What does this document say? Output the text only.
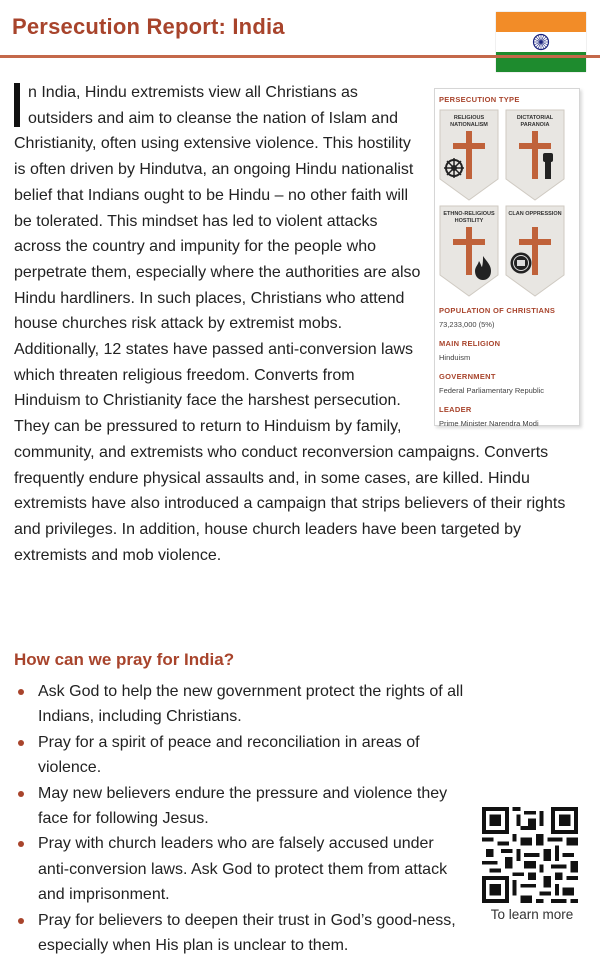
Persecution Report: India
PERSECUTION TYPE
RELIGIOUS NATIONALISM
DICTATORIAL PARANOIA
ETHNO-RELIGIOUS HOSTILITY
CLAN OPPRESSION
POPULATION OF CHRISTIANS
73,233,000 (5%)
MAIN RELIGION
Hinduism
GOVERNMENT
Federal Parliamentary Republic
LEADER
Prime Minister Narendra Modi
n India, Hindu extremists view all Christians as outsiders and aim to cleanse the nation of Islam and Christianity, often using extensive violence. This hostility is often driven by Hindutva, an ongoing Hindu nationalist belief that Indians ought to be Hindu – no other faith will be tolerated. This mindset has led to violent attacks across the country and impunity for the people who perpetrate them, especially where the authorities are also Hindu hardliners. In such places, Christians who attend house churches risk attack by extremist mobs. Additionally, 12 states have passed anti-conversion laws which threaten religious freedom. Converts from Hinduism to Christianity face the harshest persecution. They can be pressured to return to Hinduism by family, community, and extremists who conduct reconversion campaigns. Converts frequently endure physical assaults and, in some cases, are killed. Hindu extremists have also introduced a campaign that strips believers of their rights and privileges. In addition, house church leaders have been targeted by extremists and mob violence.
How can we pray for India?
Ask God to help the new government protect the rights of all Indians, including Christians.
Pray for a spirit of peace and reconciliation in areas of violence.
May new believers endure the pressure and violence they face for following Jesus.
Pray with church leaders who are falsely accused under anti-conversion laws. Ask God to protect them from attack and imprisonment.
Pray for believers to deepen their trust in God’s good-ness, especially when His plan is unclear to them.
To learn more
